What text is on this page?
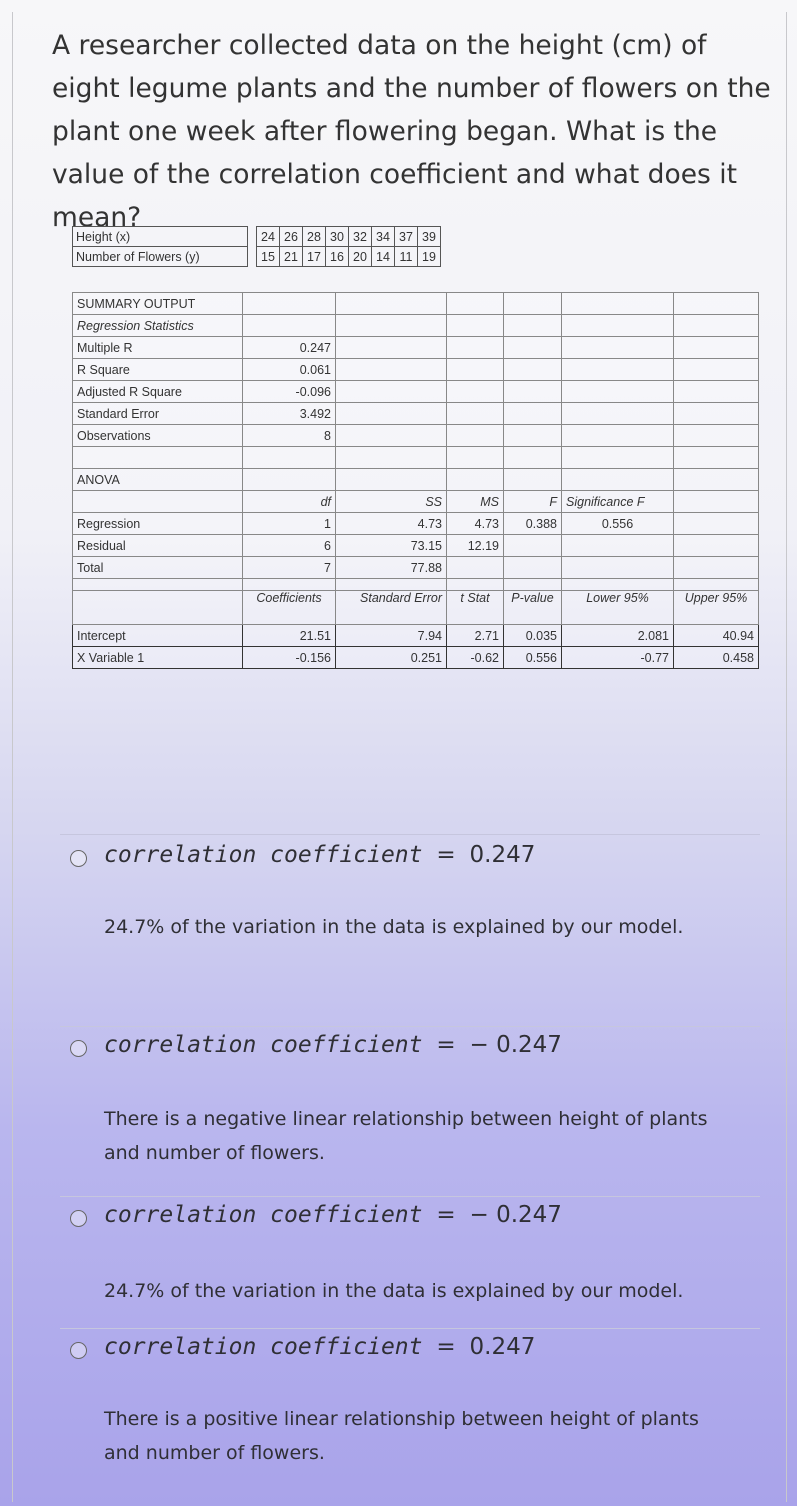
A researcher collected data on the height (cm) of eight legume plants and the number of flowers on the plant one week after flowering began. What is the value of the correlation coefficient and what does it mean?
Height (x)		24	26	28	30	32	34	37	39
Number of Flowers (y)		15	21	17	16	20	14	11	19
SUMMARY OUTPUT						
Regression Statistics						
Multiple R	0.247					
R Square	0.061					
Adjusted R Square	-0.096					
Standard Error	3.492					
Observations	8					

ANOVA						
	df	SS	MS	F	Significance F	
Regression	1	4.73	4.73	0.388	0.556	
Residual	6	73.15	12.19			
Total	7	77.88				

	Coefficients	Standard Error	t Stat	P-value	Lower 95%	Upper 95%
Intercept	21.51	7.94	2.71	0.035	2.081	40.94
X Variable 1	-0.156	0.251	-0.62	0.556	-0.77	0.458
correlation coefficient = 0.247
24.7% of the variation in the data is explained by our model.
correlation coefficient = − 0.247
There is a negative linear relationship between height of plants and number of flowers.
correlation coefficient = − 0.247
24.7% of the variation in the data is explained by our model.
correlation coefficient = 0.247
There is a positive linear relationship between height of plants and number of flowers.
